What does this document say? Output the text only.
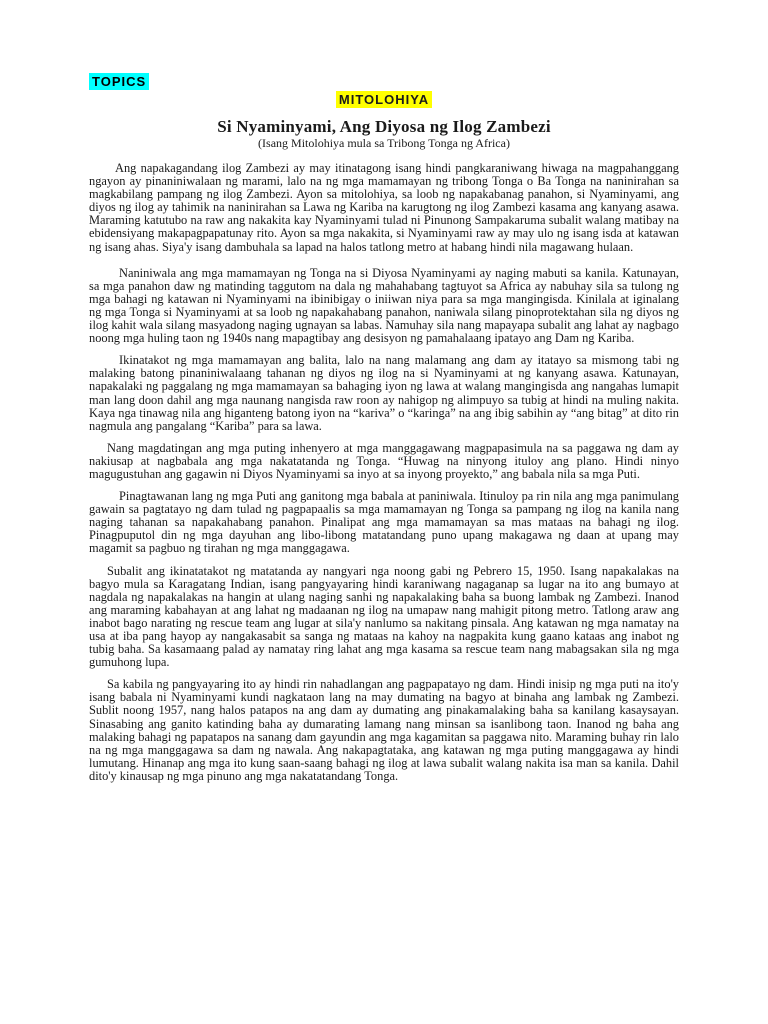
TOPICS
MITOLOHIYA
Si Nyaminyami, Ang Diyosa ng Ilog Zambezi
(Isang Mitolohiya mula sa Tribong Tonga ng Africa)

Ang napakagandang ilog Zambezi ay may itinatagong isang hindi pangkaraniwang hiwaga na magpahanggang ngayon ay pinaniniwalaan ng marami, lalo na ng mga mamamayan ng tribong Tonga o Ba Tonga na naninirahan sa magkabilang pampang ng ilog Zambezi. Ayon sa mitolohiya, sa loob ng napakabanag panahon, si Nyaminyami, ang diyos ng ilog ay tahimik na naninirahan sa Lawa ng Kariba na karugtong ng ilog Zambezi kasama ang kanyang asawa. Maraming katutubo na raw ang nakakita kay Nyaminyami tulad ni Pinunong Sampakaruma subalit walang matibay na ebidensiyang makapagpapatunay rito. Ayon sa mga nakakita, si Nyaminyami raw ay may ulo ng isang isda at katawan ng isang ahas. Siya'y isang dambuhala sa lapad na halos tatlong metro at habang hindi nila magawang hulaan.

Naniniwala ang mga mamamayan ng Tonga na si Diyosa Nyaminyami ay naging mabuti sa kanila. Katunayan, sa mga panahon daw ng matinding taggutom na dala ng mahahabang tagtuyot sa Africa ay nabuhay sila sa tulong ng mga bahagi ng katawan ni Nyaminyami na ibinibigay o iniiwan niya para sa mga mangingisda. Kinilala at iginalang ng mga Tonga si Nyaminyami at sa loob ng napakahabang panahon, naniwala silang pinoprotektahan sila ng diyos ng ilog kahit wala silang masyadong naging ugnayan sa labas. Namuhay sila nang mapayapa subalit ang lahat ay nagbago noong mga huling taon ng 1940s nang mapagtibay ang desisyon ng pamahalaang ipatayo ang Dam ng Kariba.

Ikinatakot ng mga mamamayan ang balita, lalo na nang malamang ang dam ay itatayo sa mismong tabi ng malaking batong pinaniniwalaang tahanan ng diyos ng ilog na si Nyaminyami at ng kanyang asawa. Katunayan, napakalaki ng paggalang ng mga mamamayan sa bahaging iyon ng lawa at walang mangingisda ang nangahas lumapit man lang doon dahil ang mga naunang nangisda raw roon ay nahigop ng alimpuyo sa tubig at hindi na muling nakita. Kaya nga tinawag nila ang higanteng batong iyon na “kariva” o “karinga” na ang ibig sabihin ay “ang bitag” at dito rin nagmula ang pangalang “Kariba” para sa lawa.

Nang magdatingan ang mga puting inhenyero at mga manggagawang magpapasimula na sa paggawa ng dam ay nakiusap at nagbabala ang mga nakatatanda ng Tonga. “Huwag na ninyong ituloy ang plano. Hindi ninyo magugustuhan ang gagawin ni Diyos Nyaminyami sa inyo at sa inyong proyekto,” ang babala nila sa mga Puti.

Pinagtawanan lang ng mga Puti ang ganitong mga babala at paniniwala. Itinuloy pa rin nila ang mga panimulang gawain sa pagtatayo ng dam tulad ng pagpapaalis sa mga mamamayan ng Tonga sa pampang ng ilog na kanila nang naging tahanan sa napakahabang panahon. Pinalipat ang mga mamamayan sa mas mataas na bahagi ng ilog. Pinagpuputol din ng mga dayuhan ang libo-libong matatandang puno upang makagawa ng daan at upang may magamit sa pagbuo ng tirahan ng mga manggagawa.

Subalit ang ikinatatakot ng matatanda ay nangyari nga noong gabi ng Pebrero 15, 1950. Isang napakalakas na bagyo mula sa Karagatang Indian, isang pangyayaring hindi karaniwang nagaganap sa lugar na ito ang bumayo at nagdala ng napakalakas na hangin at ulang naging sanhi ng napakalaking baha sa buong lambak ng Zambezi. Inanod ang maraming kabahayan at ang lahat ng madaanan ng ilog na umapaw nang mahigit pitong metro. Tatlong araw ang inabot bago narating ng rescue team ang lugar at sila'y nanlumo sa nakitang pinsala. Ang katawan ng mga namatay na usa at iba pang hayop ay nangakasabit sa sanga ng mataas na kahoy na nagpakita kung gaano kataas ang inabot ng tubig baha. Sa kasamaang palad ay namatay ring lahat ang mga kasama sa rescue team nang mabagsakan sila ng mga gumuhong lupa.

Sa kabila ng pangyayaring ito ay hindi rin nahadlangan ang pagpapatayo ng dam. Hindi inisip ng mga puti na ito'y isang babala ni Nyaminyami kundi nagkataon lang na may dumating na bagyo at binaha ang lambak ng Zambezi. Sublit noong 1957, nang halos patapos na ang dam ay dumating ang pinakamalaking baha sa kanilang kasaysayan. Sinasabing ang ganito katinding baha ay dumarating lamang nang minsan sa isanlibong taon. Inanod ng baha ang malaking bahagi ng papatapos na sanang dam gayundin ang mga kagamitan sa paggawa nito. Maraming buhay rin lalo na ng mga manggagawa sa dam ng nawala. Ang nakapagtataka, ang katawan ng mga puting manggagawa ay hindi lumutang. Hinanap ang mga ito kung saan-saang bahagi ng ilog at lawa subalit walang nakita isa man sa kanila. Dahil dito'y kinausap ng mga pinuno ang mga nakatatandang Tonga.
